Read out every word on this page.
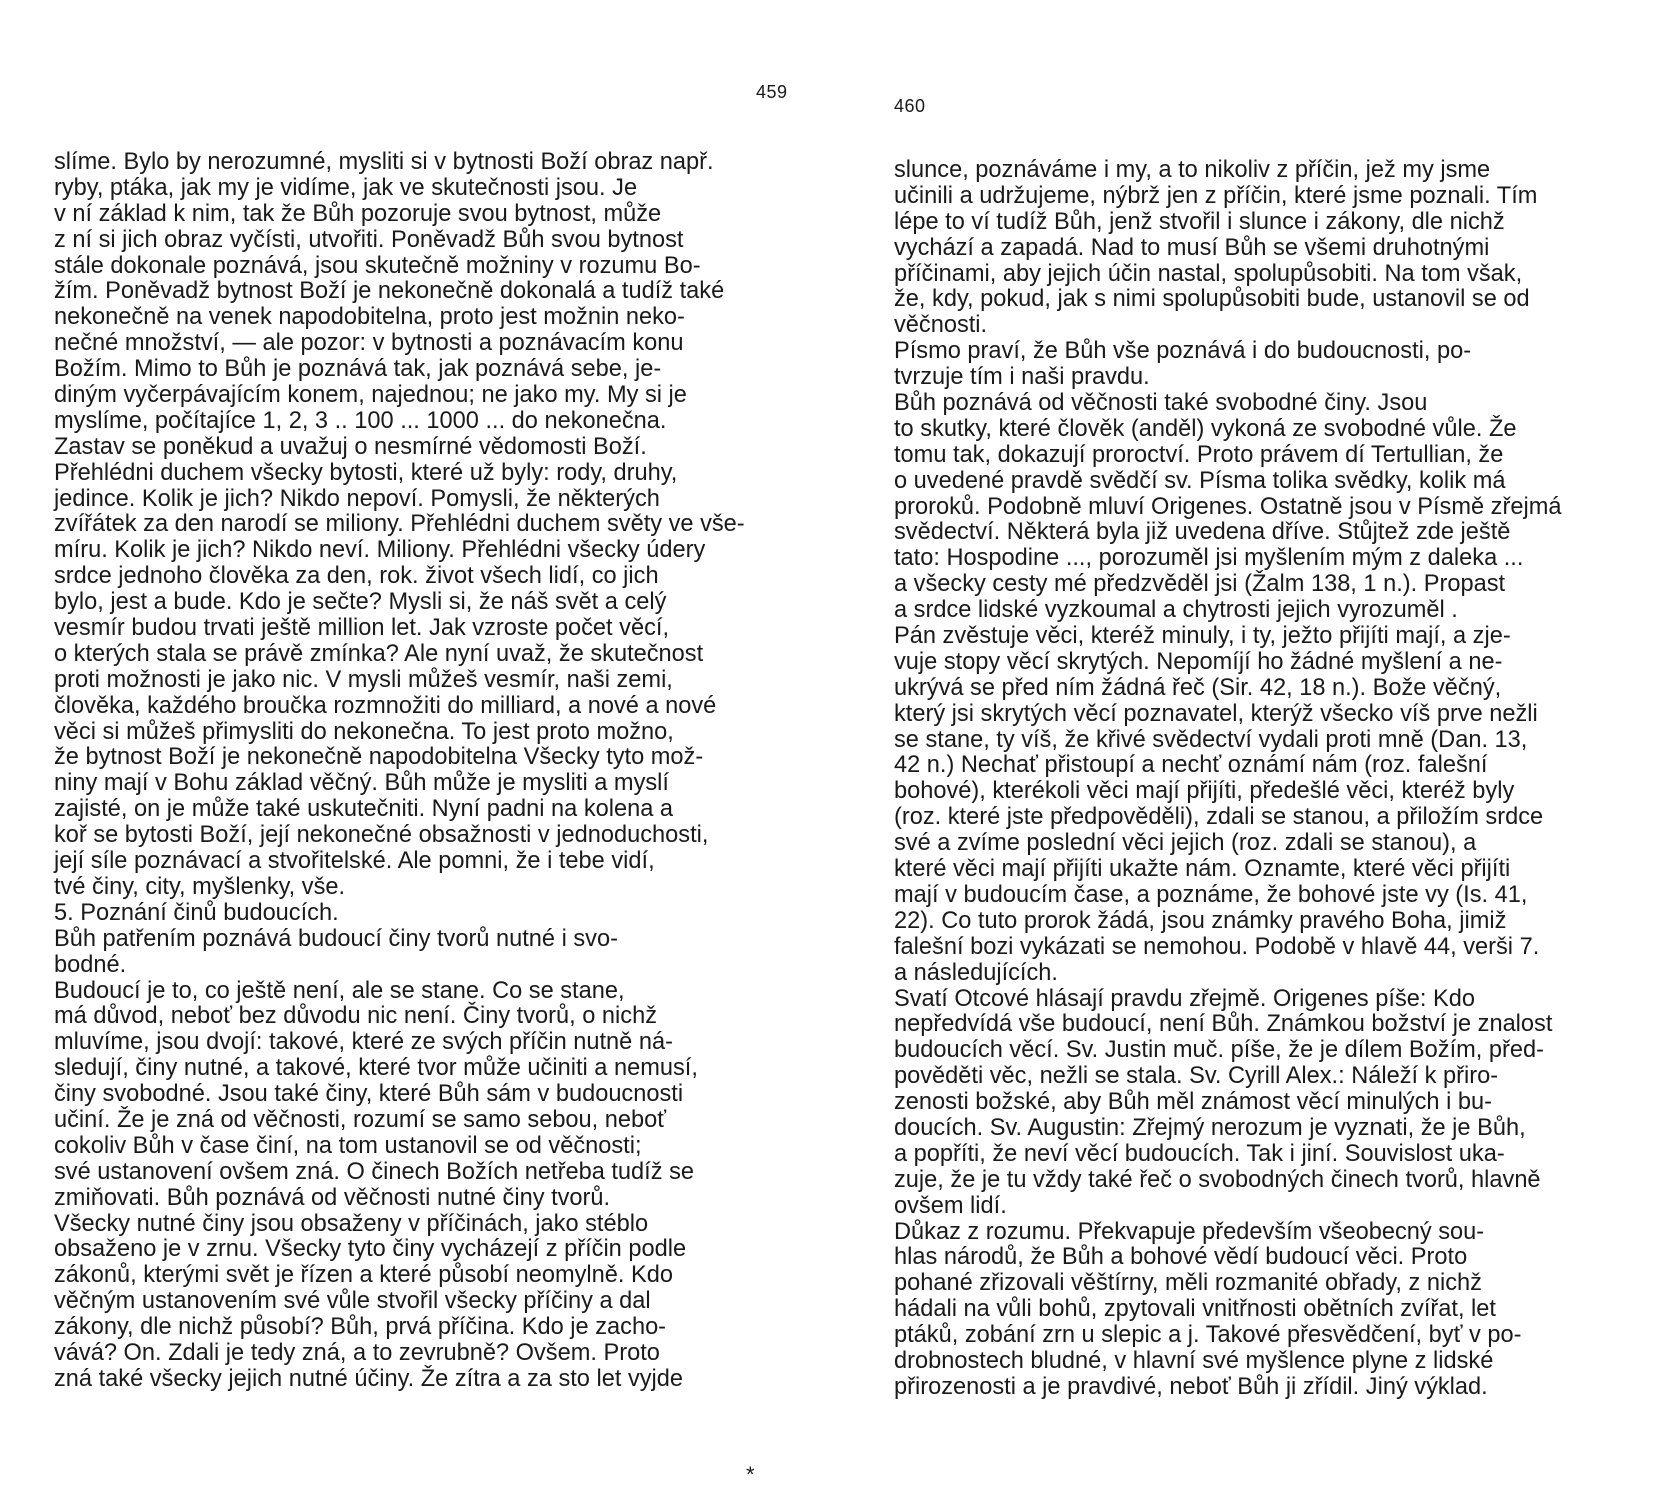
459
slíme. Bylo by nerozumné, mysliti si v bytnosti Boží obraz např.
ryby, ptáka, jak my je vidíme, jak ve skutečnosti jsou. Je
v ní základ k nim, tak že Bůh pozoruje svou bytnost, může
z ní si jich obraz vyčísti, utvořiti. Poněvadž Bůh svou bytnost
stále dokonale poznává, jsou skutečně možniny v rozumu Bo-
žím. Poněvadž bytnost Boží je nekonečně dokonalá a tudíž také
nekonečně na venek napodobitelna, proto jest možnin neko-
nečné množství, — ale pozor: v bytnosti a poznávacím konu
Božím. Mimo to Bůh je poznává tak, jak poznává sebe, je-
diným vyčerpávajícím konem, najednou; ne jako my. My si je
myslíme, počítajíce 1, 2, 3 .. 100 ... 1000 ... do nekonečna.
Zastav se poněkud a uvažuj o nesmírné vědomosti Boží.
Přehlédni duchem všecky bytosti, které už byly: rody, druhy,
jedince. Kolik je jich? Nikdo nepoví. Pomysli, že některých
zvířátek za den narodí se miliony. Přehlédni duchem světy ve vše-
míru. Kolik je jich? Nikdo neví. Miliony. Přehlédni všecky údery
srdce jednoho člověka za den, rok. život všech lidí, co jich
bylo, jest a bude. Kdo je sečte? Mysli si, že náš svět a celý
vesmír budou trvati ještě million let. Jak vzroste počet věcí,
o kterých stala se právě zmínka? Ale nyní uvaž, že skutečnost
proti možnosti je jako nic. V mysli můžeš vesmír, naši zemi,
člověka, každého broučka rozmnožiti do milliard, a nové a nové
věci si můžeš přimysliti do nekonečna. To jest proto možno,
že bytnost Boží je nekonečně napodobitelna Všecky tyto mož-
niny mají v Bohu základ věčný. Bůh může je mysliti a myslí
zajisté, on je může také uskutečniti. Nyní padni na kolena a
koř se bytosti Boží, její nekonečné obsažnosti v jednoduchosti,
její síle poznávací a stvořitelské. Ale pomni, že i tebe vidí,
tvé činy, city, myšlenky, vše.
5. Poznání činů budoucích.
Bůh patřením poznává budoucí činy tvorů nutné i svo-
bodné.
Budoucí je to, co ještě není, ale se stane. Co se stane,
má důvod, neboť bez důvodu nic není. Činy tvorů, o nichž
mluvíme, jsou dvojí: takové, které ze svých příčin nutně ná-
sledují, činy nutné, a takové, které tvor může učiniti a nemusí,
činy svobodné. Jsou také činy, které Bůh sám v budoucnosti
učiní. Že je zná od věčnosti, rozumí se samo sebou, neboť
cokoliv Bůh v čase činí, na tom ustanovil se od věčnosti;
své ustanovení ovšem zná. O činech Božích netřeba tudíž se
zmiňovati. Bůh poznává od věčnosti nutné činy tvorů.
Všecky nutné činy jsou obsaženy v příčinách, jako stéblo
obsaženo je v zrnu. Všecky tyto činy vycházejí z příčin podle
zákonů, kterými svět je řízen a které působí neomylně. Kdo
věčným ustanovením své vůle stvořil všecky příčiny a dal
zákony, dle nichž působí? Bůh, prvá příčina. Kdo je zacho-
vává? On. Zdali je tedy zná, a to zevrubně? Ovšem. Proto
zná také všecky jejich nutné účiny. Že zítra a za sto let vyjde
*
460
slunce, poznáváme i my, a to nikoliv z příčin, jež my jsme
učinili a udržujeme, nýbrž jen z příčin, které jsme poznali. Tím
lépe to ví tudíž Bůh, jenž stvořil i slunce i zákony, dle nichž
vychází a zapadá. Nad to musí Bůh se všemi druhotnými
příčinami, aby jejich účin nastal, spolupůsobiti. Na tom však,
že, kdy, pokud, jak s nimi spolupůsobiti bude, ustanovil se od
věčnosti.
Písmo praví, že Bůh vše poznává i do budoucnosti, po-
tvrzuje tím i naši pravdu.
Bůh poznává od věčnosti také svobodné činy. Jsou
to skutky, které člověk (anděl) vykoná ze svobodné vůle. Že
tomu tak, dokazují proroctví. Proto právem dí Tertullian, že
o uvedené pravdě svědčí sv. Písma tolika svědky, kolik má
proroků. Podobně mluví Origenes. Ostatně jsou v Písmě zřejmá
svědectví. Některá byla již uvedena dříve. Stůjtež zde ještě
tato: Hospodine ..., porozuměl jsi myšlením mým z daleka ...
a všecky cesty mé předzvěděl jsi (Žalm 138, 1 n.). Propast
a srdce lidské vyzkoumal a chytrosti jejich vyrozuměl .
Pán zvěstuje věci, kteréž minuly, i ty, ježto přijíti mají, a zje-
vuje stopy věcí skrytých. Nepomíjí ho žádné myšlení a ne-
ukrývá se před ním žádná řeč (Sir. 42, 18 n.). Bože věčný,
který jsi skrytých věcí poznavatel, kterýž všecko víš prve nežli
se stane, ty víš, že křivé svědectví vydali proti mně (Dan. 13,
42 n.) Nechať přistoupí a nechť oznámí nám (roz. falešní
bohové), kterékoli věci mají přijíti, předešlé věci, kteréž byly
(roz. které jste předpověděli), zdali se stanou, a přiložím srdce
své a zvíme poslední věci jejich (roz. zdali se stanou), a
které věci mají přijíti ukažte nám. Oznamte, které věci přijíti
mají v budoucím čase, a poznáme, že bohové jste vy (Is. 41,
22). Co tuto prorok žádá, jsou známky pravého Boha, jimiž
falešní bozi vykázati se nemohou. Podobě v hlavě 44, verši 7.
a následujících.
Svatí Otcové hlásají pravdu zřejmě. Origenes píše: Kdo
nepředvídá vše budoucí, není Bůh. Známkou božství je znalost
budoucích věcí. Sv. Justin muč. píše, že je dílem Božím, před-
pověděti věc, nežli se stala. Sv. Cyrill Alex.: Náleží k přiro-
zenosti božské, aby Bůh měl známost věcí minulých i bu-
doucích. Sv. Augustin: Zřejmý nerozum je vyznati, že je Bůh,
a popříti, že neví věcí budoucích. Tak i jiní. Souvislost uka-
zuje, že je tu vždy také řeč o svobodných činech tvorů, hlavně
ovšem lidí.
Důkaz z rozumu. Překvapuje především všeobecný sou-
hlas národů, že Bůh a bohové vědí budoucí věci. Proto
pohané zřizovali věštírny, měli rozmanité obřady, z nichž
hádali na vůli bohů, zpytovali vnitřnosti obětních zvířat, let
ptáků, zobání zrn u slepic a j. Takové přesvědčení, byť v po-
drobnostech bludné, v hlavní své myšlence plyne z lidské
přirozenosti a je pravdivé, neboť Bůh ji zřídil. Jiný výklad.
